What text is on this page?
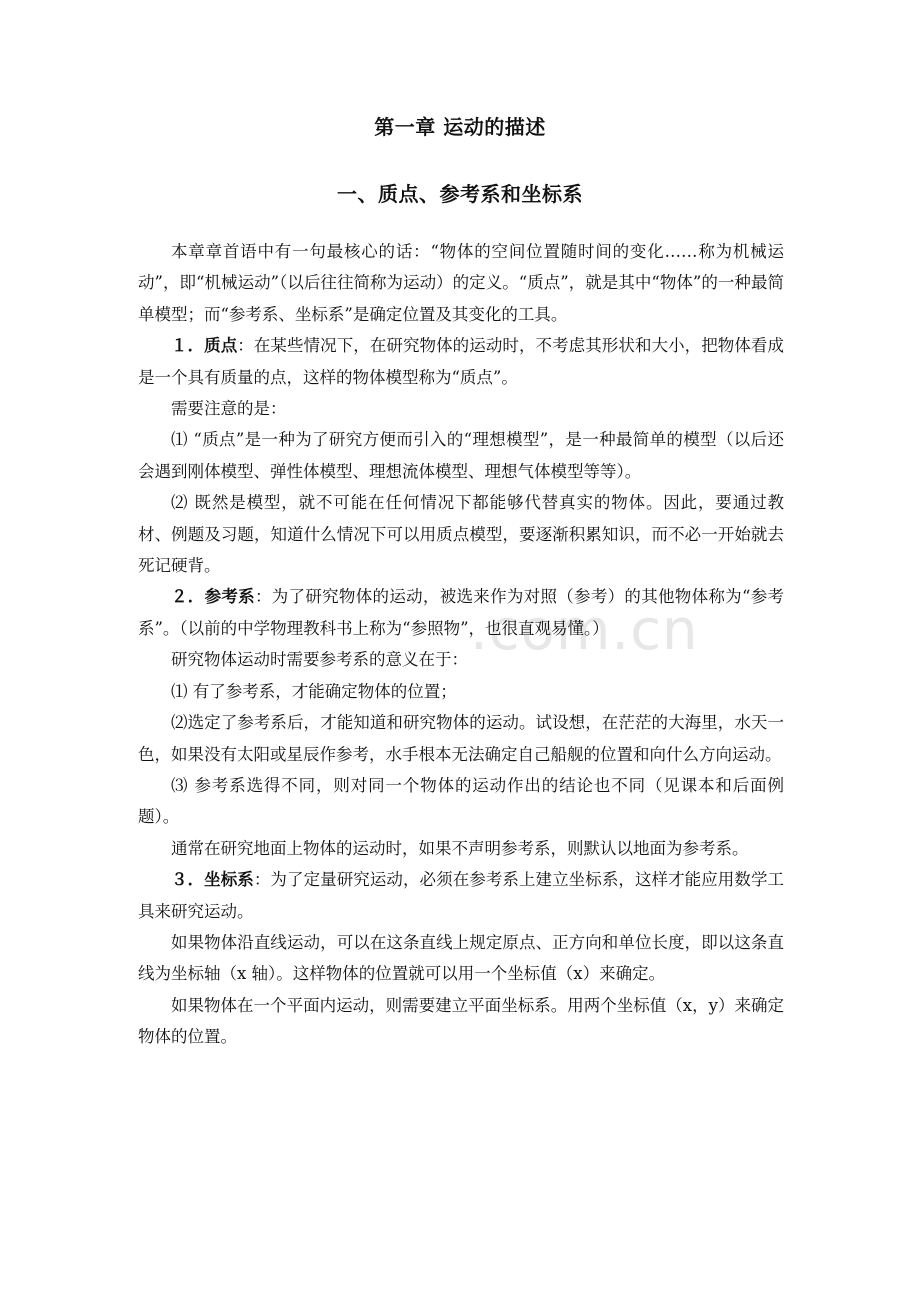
.com.cn
第一章 运动的描述
一、质点、参考系和坐标系

本章章首语中有一句最核心的话：“物体的空间位置随时间的变化……称为机械运动”，即“机械运动”（以后往往简称为运动）的定义。“质点”，就是其中“物体”的一种最简单模型；而“参考系、坐标系”是确定位置及其变化的工具。

１．质点：在某些情况下，在研究物体的运动时，不考虑其形状和大小，把物体看成是一个具有质量的点，这样的物体模型称为“质点”。

需要注意的是：

⑴ “质点”是一种为了研究方便而引入的“理想模型”，是一种最简单的模型（以后还会遇到刚体模型、弹性体模型、理想流体模型、理想气体模型等等）。

⑵ 既然是模型，就不可能在任何情况下都能够代替真实的物体。因此，要通过教材、例题及习题，知道什么情况下可以用质点模型，要逐渐积累知识，而不必一开始就去死记硬背。

２．参考系：为了研究物体的运动，被选来作为对照（参考）的其他物体称为“参考系”。（以前的中学物理教科书上称为“参照物”，也很直观易懂。）

研究物体运动时需要参考系的意义在于：

⑴ 有了参考系，才能确定物体的位置；

⑵选定了参考系后，才能知道和研究物体的运动。试设想，在茫茫的大海里，水天一色，如果没有太阳或星辰作参考，水手根本无法确定自己船舰的位置和向什么方向运动。

⑶ 参考系选得不同，则对同一个物体的运动作出的结论也不同（见课本和后面例题）。

通常在研究地面上物体的运动时，如果不声明参考系，则默认以地面为参考系。

３．坐标系：为了定量研究运动，必须在参考系上建立坐标系，这样才能应用数学工具来研究运动。

如果物体沿直线运动，可以在这条直线上规定原点、正方向和单位长度，即以这条直线为坐标轴（x 轴）。这样物体的位置就可以用一个坐标值（x）来确定。

如果物体在一个平面内运动，则需要建立平面坐标系。用两个坐标值（x，y）来确定物体的位置。
